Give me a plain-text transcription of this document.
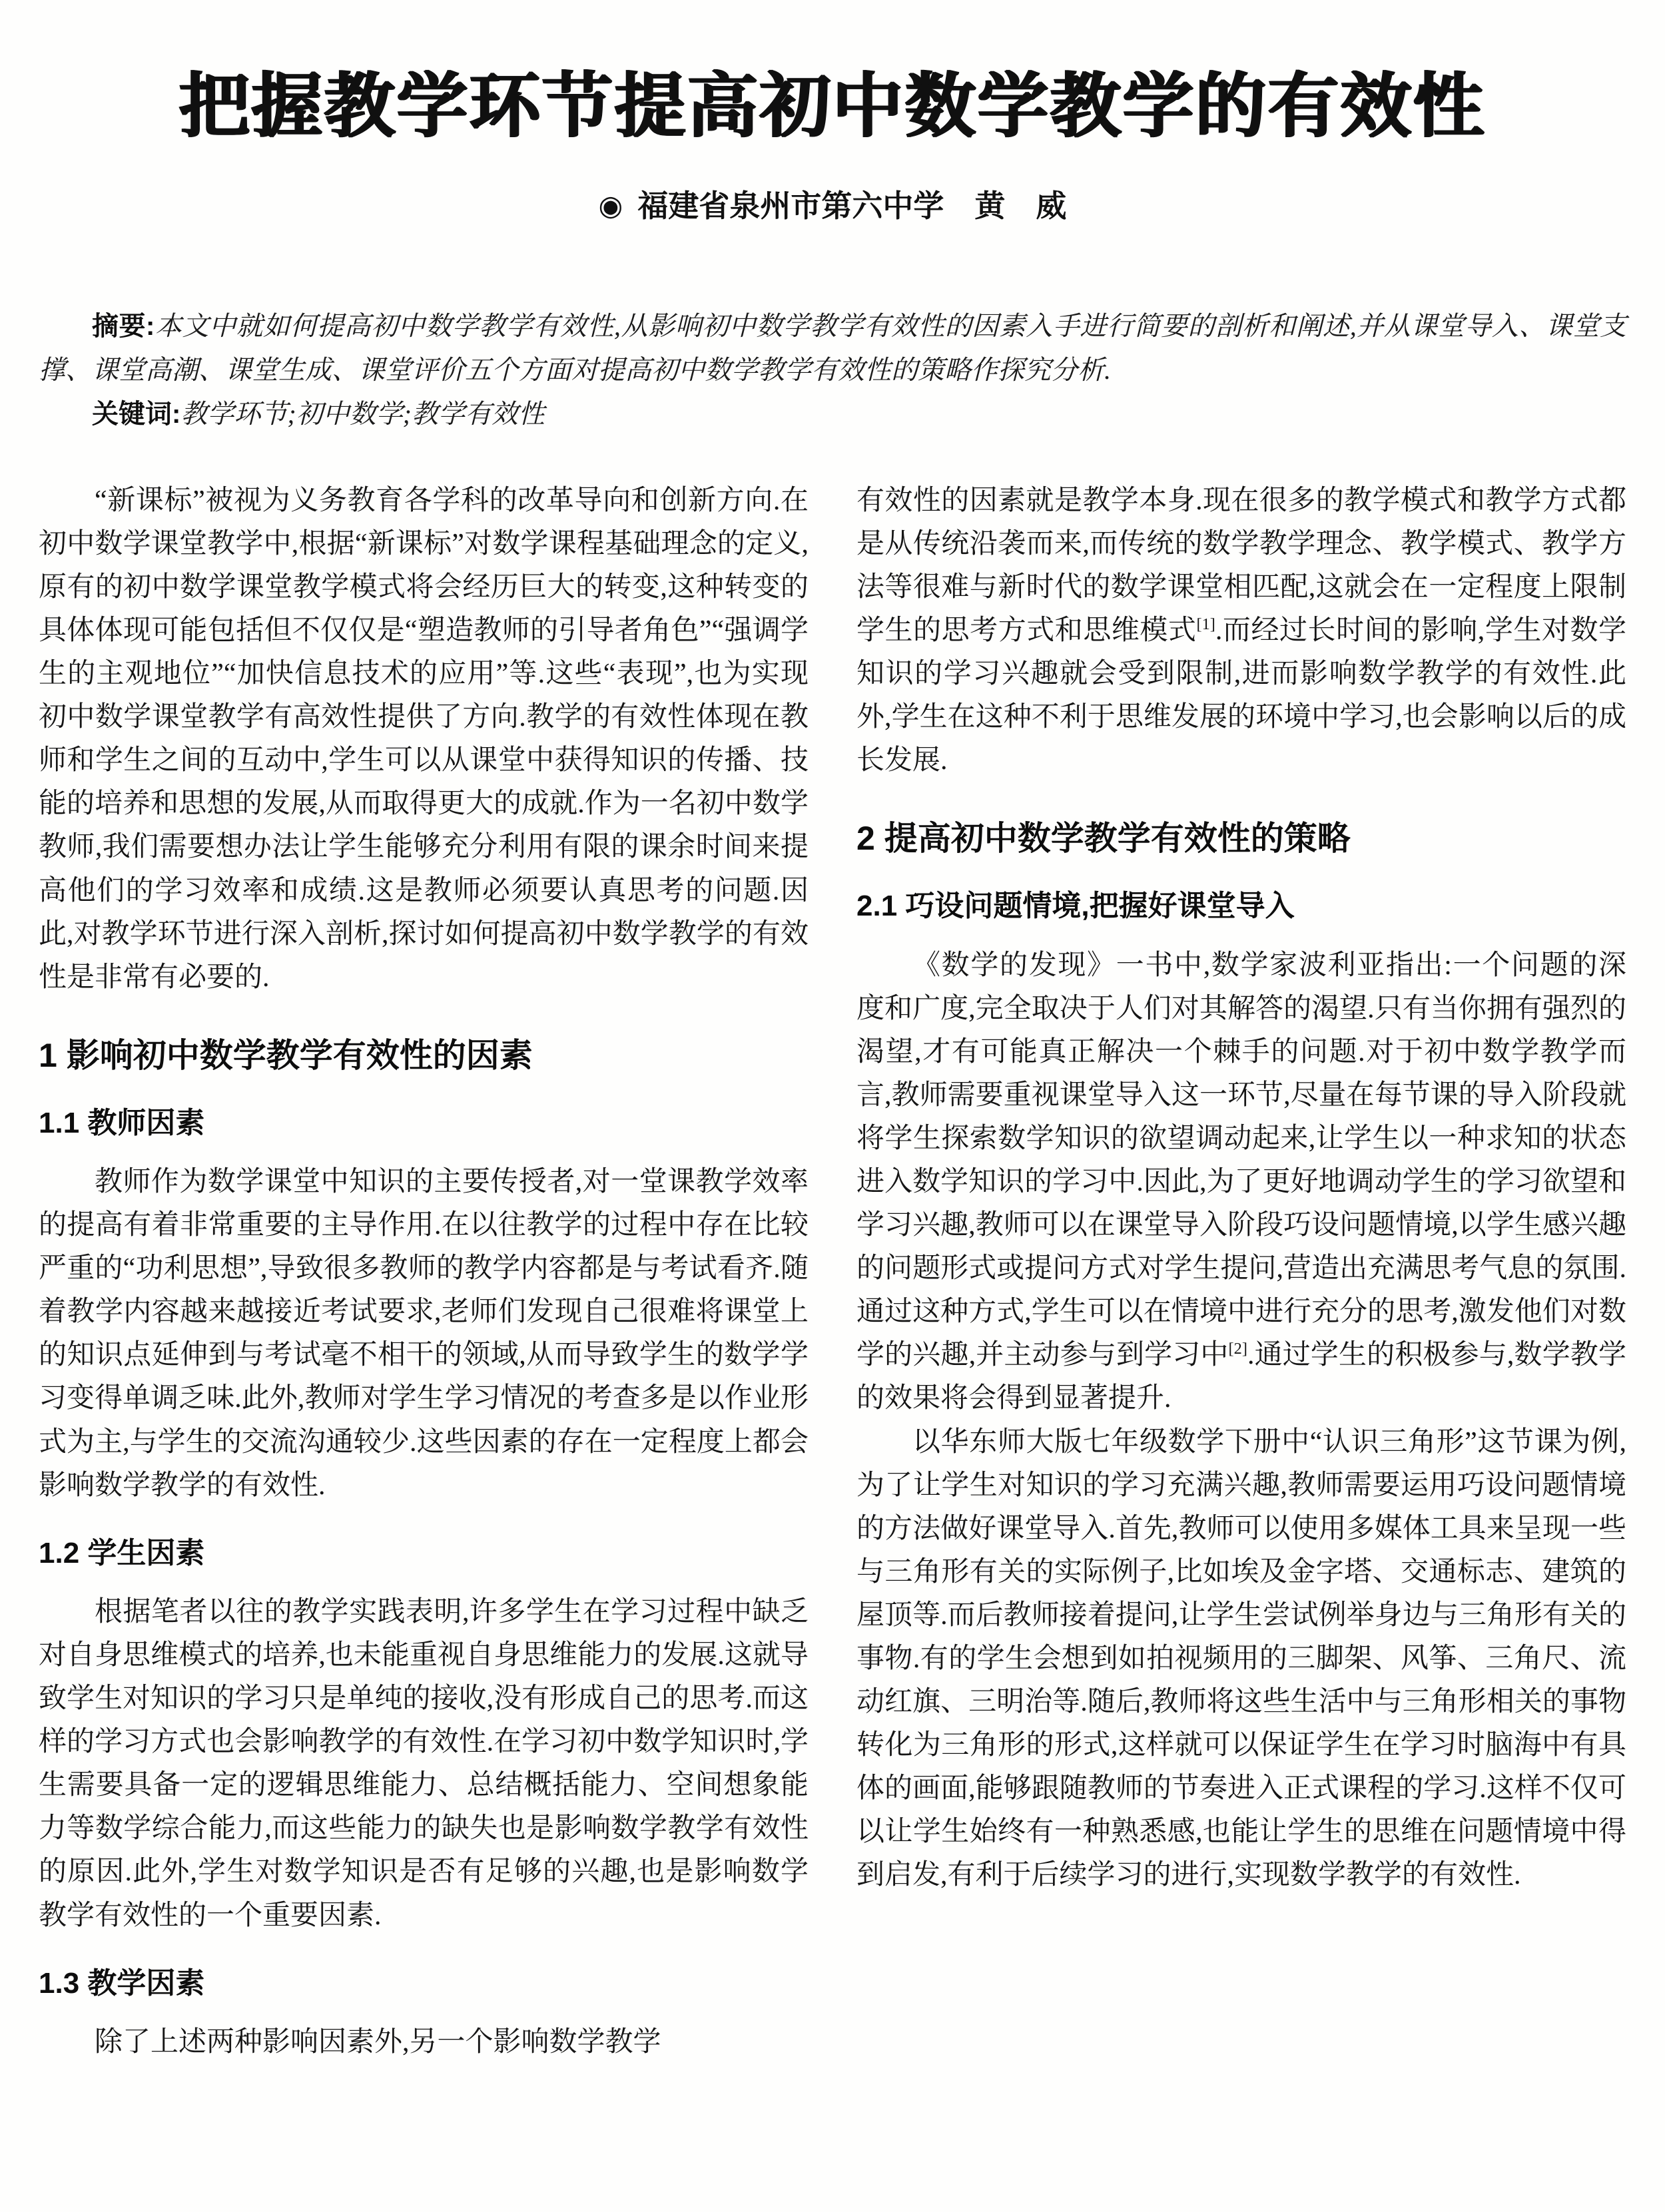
把握教学环节提高初中数学教学的有效性
◉ 福建省泉州市第六中学 黄　威

摘要:本文中就如何提高初中数学教学有效性,从影响初中数学教学有效性的因素入手进行简要的剖析和阐述,并从课堂导入、课堂支撑、课堂高潮、课堂生成、课堂评价五个方面对提高初中数学教学有效性的策略作探究分析.

关键词:教学环节;初中数学;教学有效性

“新课标”被视为义务教育各学科的改革导向和创新方向.在初中数学课堂教学中,根据“新课标”对数学课程基础理念的定义,原有的初中数学课堂教学模式将会经历巨大的转变,这种转变的具体体现可能包括但不仅仅是“塑造教师的引导者角色”“强调学生的主观地位”“加快信息技术的应用”等.这些“表现”,也为实现初中数学课堂教学有高效性提供了方向.教学的有效性体现在教师和学生之间的互动中,学生可以从课堂中获得知识的传播、技能的培养和思想的发展,从而取得更大的成就.作为一名初中数学教师,我们需要想办法让学生能够充分利用有限的课余时间来提高他们的学习效率和成绩.这是教师必须要认真思考的问题.因此,对教学环节进行深入剖析,探讨如何提高初中数学教学的有效性是非常有必要的.

1 影响初中数学教学有效性的因素
1.1 教师因素

教师作为数学课堂中知识的主要传授者,对一堂课教学效率的提高有着非常重要的主导作用.在以往教学的过程中存在比较严重的“功利思想”,导致很多教师的教学内容都是与考试看齐.随着教学内容越来越接近考试要求,老师们发现自己很难将课堂上的知识点延伸到与考试毫不相干的领域,从而导致学生的数学学习变得单调乏味.此外,教师对学生学习情况的考查多是以作业形式为主,与学生的交流沟通较少.这些因素的存在一定程度上都会影响数学教学的有效性.

1.2 学生因素

根据笔者以往的教学实践表明,许多学生在学习过程中缺乏对自身思维模式的培养,也未能重视自身思维能力的发展.这就导致学生对知识的学习只是单纯的接收,没有形成自己的思考.而这样的学习方式也会影响教学的有效性.在学习初中数学知识时,学生需要具备一定的逻辑思维能力、总结概括能力、空间想象能力等数学综合能力,而这些能力的缺失也是影响数学教学有效性的原因.此外,学生对数学知识是否有足够的兴趣,也是影响数学教学有效性的一个重要因素.

1.3 教学因素

除了上述两种影响因素外,另一个影响数学教学

有效性的因素就是教学本身.现在很多的教学模式和教学方式都是从传统沿袭而来,而传统的数学教学理念、教学模式、教学方法等很难与新时代的数学课堂相匹配,这就会在一定程度上限制学生的思考方式和思维模式[1].而经过长时间的影响,学生对数学知识的学习兴趣就会受到限制,进而影响数学教学的有效性.此外,学生在这种不利于思维发展的环境中学习,也会影响以后的成长发展.

2 提高初中数学教学有效性的策略
2.1 巧设问题情境,把握好课堂导入

《数学的发现》一书中,数学家波利亚指出:一个问题的深度和广度,完全取决于人们对其解答的渴望.只有当你拥有强烈的渴望,才有可能真正解决一个棘手的问题.对于初中数学教学而言,教师需要重视课堂导入这一环节,尽量在每节课的导入阶段就将学生探索数学知识的欲望调动起来,让学生以一种求知的状态进入数学知识的学习中.因此,为了更好地调动学生的学习欲望和学习兴趣,教师可以在课堂导入阶段巧设问题情境,以学生感兴趣的问题形式或提问方式对学生提问,营造出充满思考气息的氛围.通过这种方式,学生可以在情境中进行充分的思考,激发他们对数学的兴趣,并主动参与到学习中[2].通过学生的积极参与,数学教学的效果将会得到显著提升.

以华东师大版七年级数学下册中“认识三角形”这节课为例,为了让学生对知识的学习充满兴趣,教师需要运用巧设问题情境的方法做好课堂导入.首先,教师可以使用多媒体工具来呈现一些与三角形有关的实际例子,比如埃及金字塔、交通标志、建筑的屋顶等.而后教师接着提问,让学生尝试例举身边与三角形有关的事物.有的学生会想到如拍视频用的三脚架、风筝、三角尺、流动红旗、三明治等.随后,教师将这些生活中与三角形相关的事物转化为三角形的形式,这样就可以保证学生在学习时脑海中有具体的画面,能够跟随教师的节奏进入正式课程的学习.这样不仅可以让学生始终有一种熟悉感,也能让学生的思维在问题情境中得到启发,有利于后续学习的进行,实现数学教学的有效性.
